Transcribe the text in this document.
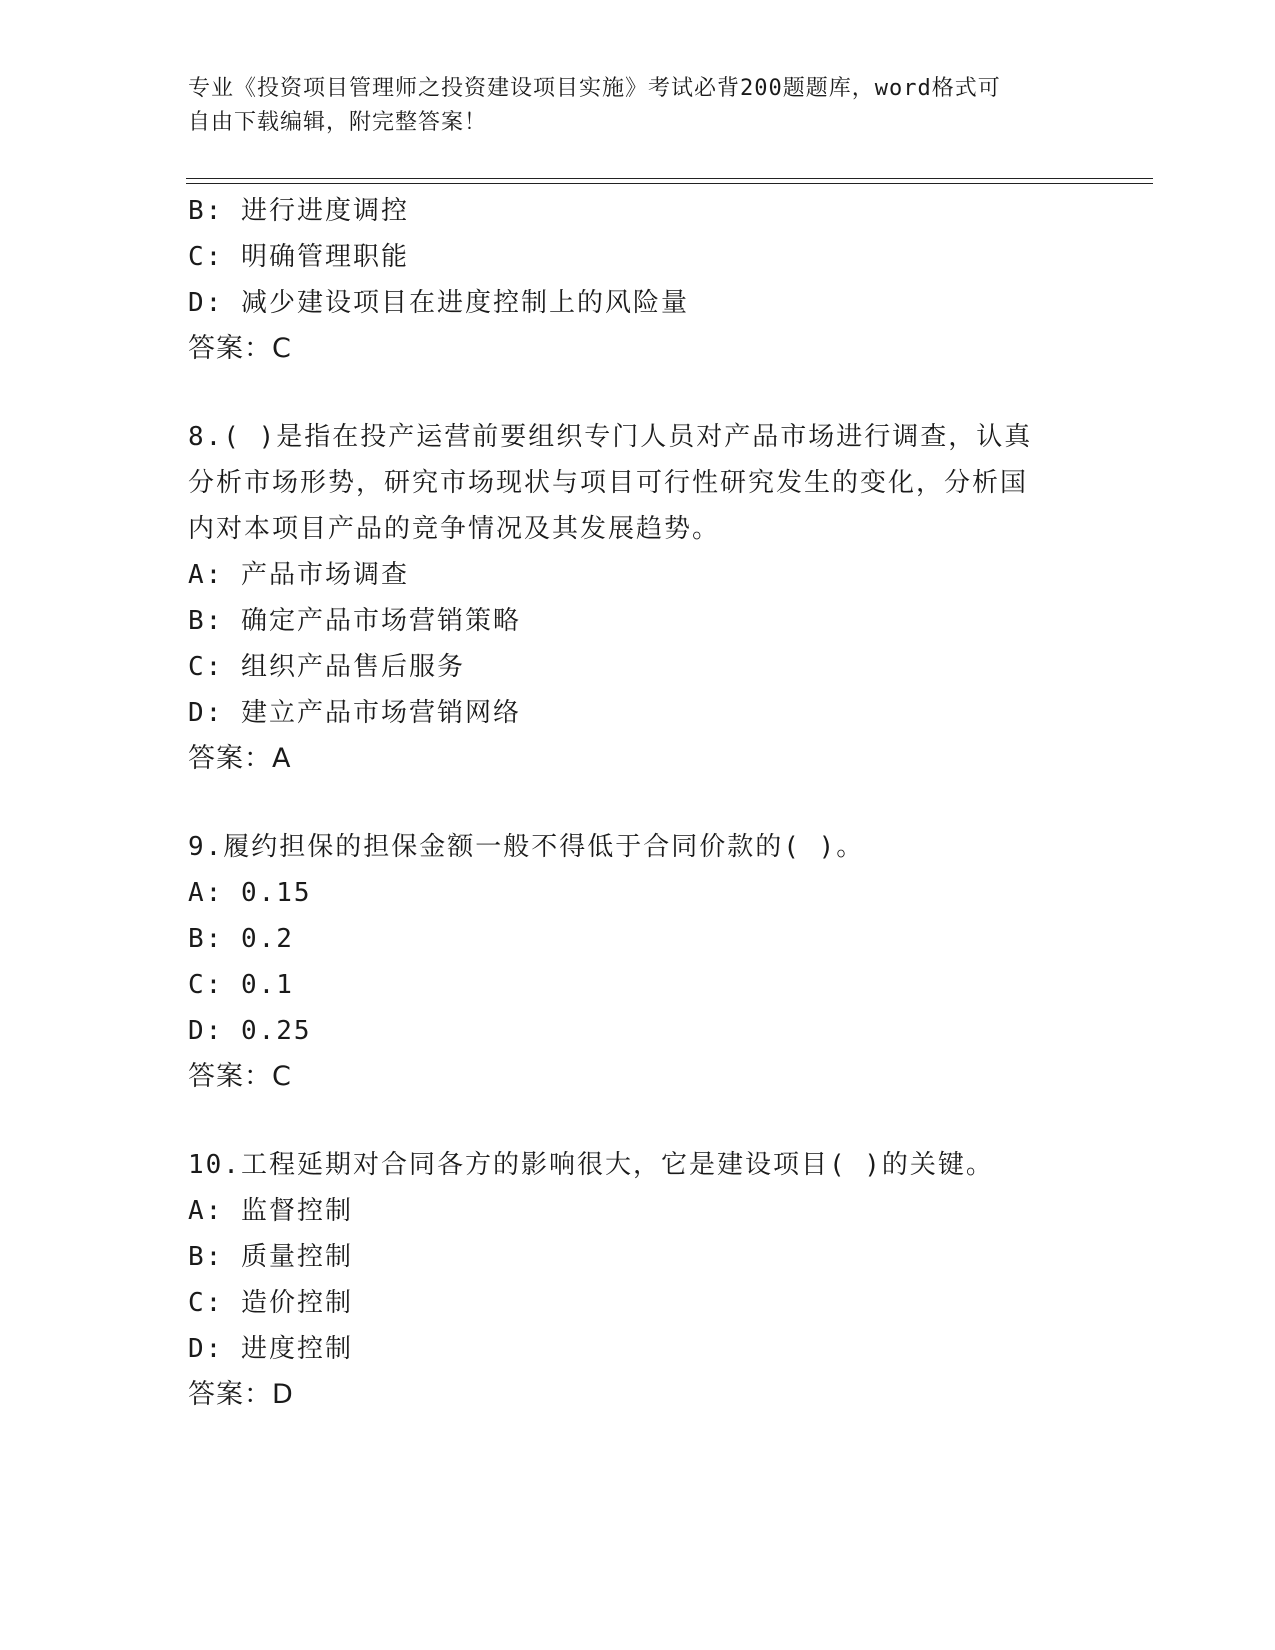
专业《投资项目管理师之投资建设项目实施》考试必背200题题库，word格式可
自由下载编辑，附完整答案！
B: 进行进度调控
C: 明确管理职能
D: 减少建设项目在进度控制上的风险量
答案：C
8.( )是指在投产运营前要组织专门人员对产品市场进行调查，认真
分析市场形势，研究市场现状与项目可行性研究发生的变化，分析国
内对本项目产品的竞争情况及其发展趋势。
A: 产品市场调查
B: 确定产品市场营销策略
C: 组织产品售后服务
D: 建立产品市场营销网络
答案：A
9.履约担保的担保金额一般不得低于合同价款的( )。
A: 0.15
B: 0.2
C: 0.1
D: 0.25
答案：C
10.工程延期对合同各方的影响很大，它是建设项目( )的关键。
A: 监督控制
B: 质量控制
C: 造价控制
D: 进度控制
答案：D
